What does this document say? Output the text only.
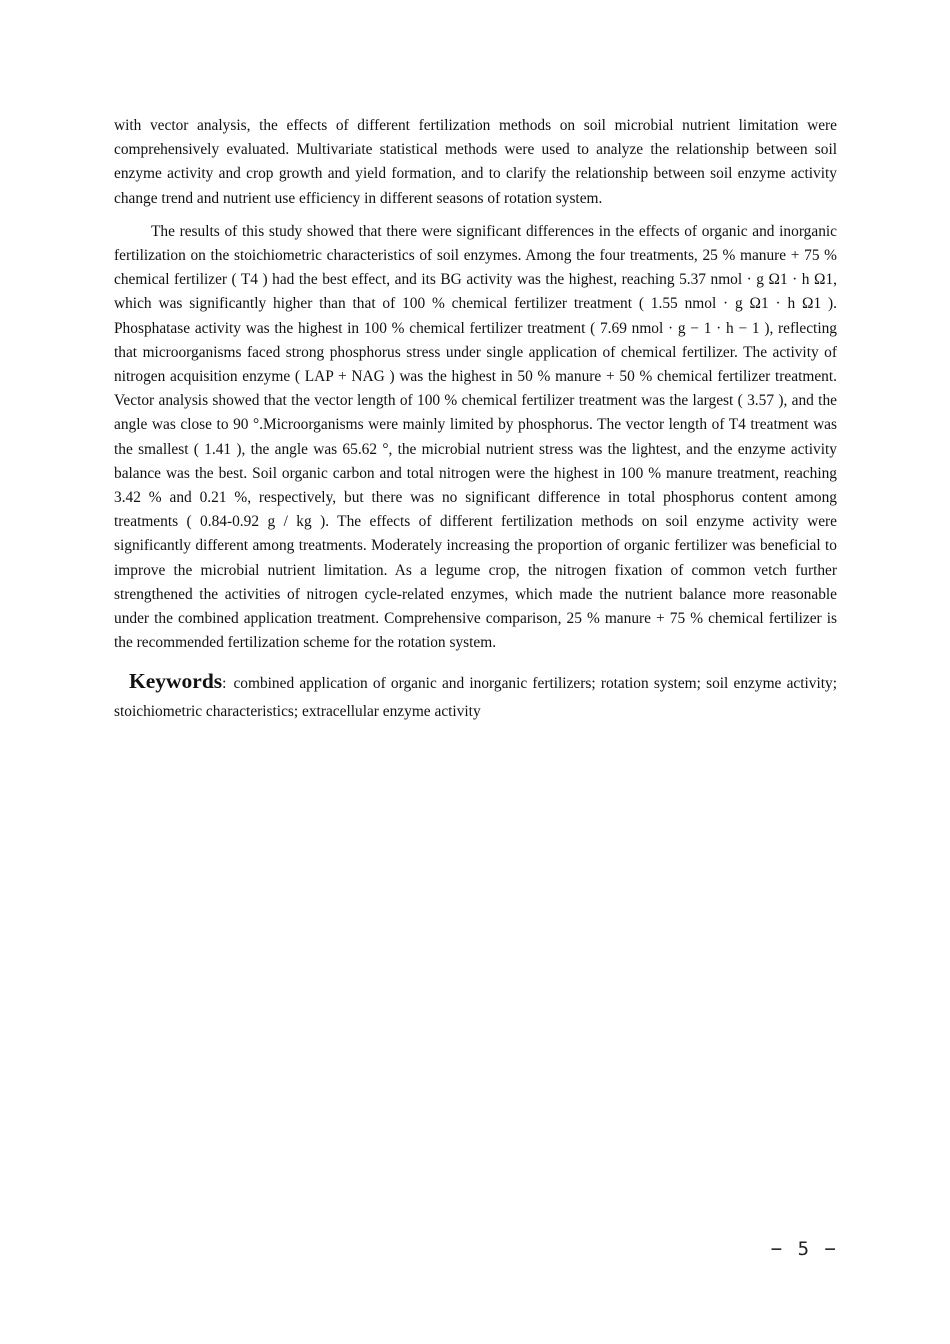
with vector analysis, the effects of different fertilization methods on soil microbial nutrient limitation were comprehensively evaluated. Multivariate statistical methods were used to analyze the relationship between soil enzyme activity and crop growth and yield formation, and to clarify the relationship between soil enzyme activity change trend and nutrient use efficiency in different seasons of rotation system.

The results of this study showed that there were significant differences in the effects of organic and inorganic fertilization on the stoichiometric characteristics of soil enzymes. Among the four treatments, 25 % manure + 75 % chemical fertilizer ( T4 ) had the best effect, and its BG activity was the highest, reaching 5.37 nmol · g Ω1 · h Ω1, which was significantly higher than that of 100 % chemical fertilizer treatment ( 1.55 nmol · g Ω1 · h Ω1 ). Phosphatase activity was the highest in 100 % chemical fertilizer treatment ( 7.69 nmol · g − 1 · h − 1 ), reflecting that microorganisms faced strong phosphorus stress under single application of chemical fertilizer. The activity of nitrogen acquisition enzyme ( LAP + NAG ) was the highest in 50 % manure + 50 % chemical fertilizer treatment. Vector analysis showed that the vector length of 100 % chemical fertilizer treatment was the largest ( 3.57 ), and the angle was close to 90 °.Microorganisms were mainly limited by phosphorus. The vector length of T4 treatment was the smallest ( 1.41 ), the angle was 65.62 °, the microbial nutrient stress was the lightest, and the enzyme activity balance was the best. Soil organic carbon and total nitrogen were the highest in 100 % manure treatment, reaching 3.42 % and 0.21 %, respectively, but there was no significant difference in total phosphorus content among treatments ( 0.84-0.92 g / kg ). The effects of different fertilization methods on soil enzyme activity were significantly different among treatments. Moderately increasing the proportion of organic fertilizer was beneficial to improve the microbial nutrient limitation. As a legume crop, the nitrogen fixation of common vetch further strengthened the activities of nitrogen cycle-related enzymes, which made the nutrient balance more reasonable under the combined application treatment. Comprehensive comparison, 25 % manure + 75 % chemical fertilizer is the recommended fertilization scheme for the rotation system.

Keywords: combined application of organic and inorganic fertilizers; rotation system; soil enzyme activity; stoichiometric characteristics; extracellular enzyme activity

− 5 −
